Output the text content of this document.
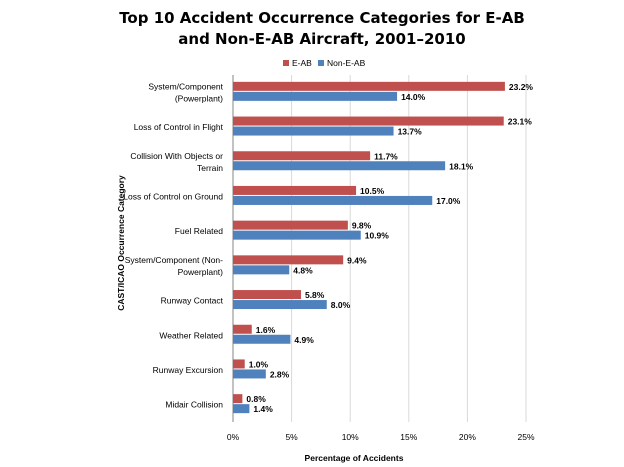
Top 10 Accident Occurrence Categories for E-AB
and Non-E-AB Aircraft, 2001–2010
E-AB Non-E-AB
0%	5%	10%	15%	20%	25%
System/Component
(Powerplant)
23.2%
14.0%
Loss of Control in Flight
23.1%
13.7%
Collision With Objects or
Terrain
11.7%
18.1%
Loss of Control on Ground
10.5%
17.0%
Fuel Related
9.8%
10.9%
System/Component (Non-
Powerplant)
9.4%
4.8%
Runway Contact
5.8%
8.0%
Weather Related
1.6%
4.9%
Runway Excursion
1.0%
2.8%
Midair Collision
0.8%
1.4%
Percentage of Accidents
CAST/ICAO Occurrence Category
